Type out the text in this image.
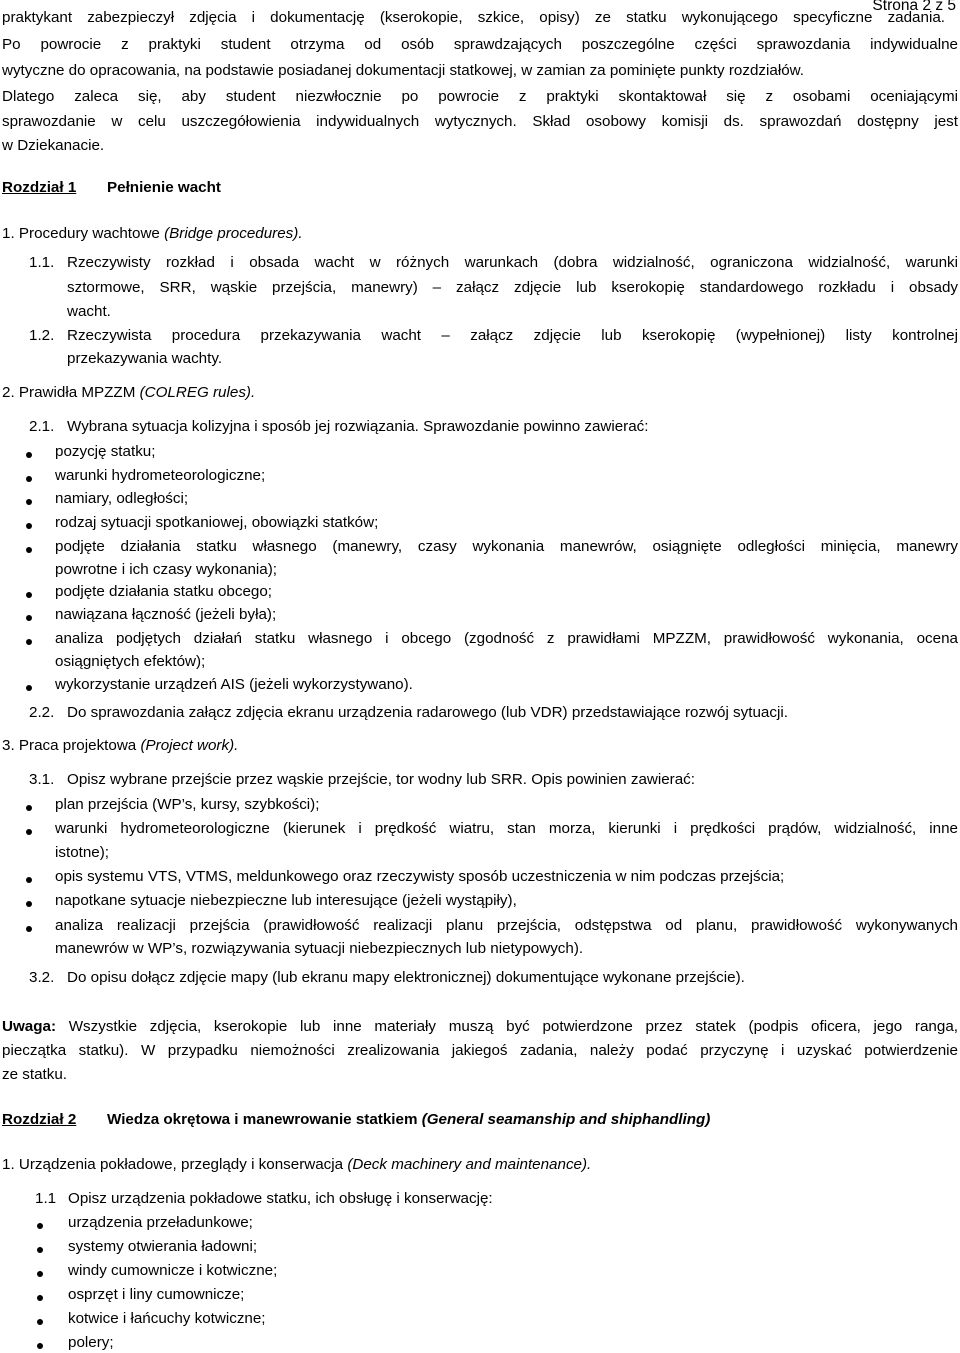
Strona 2 z 5
praktykant zabezpieczył zdjęcia i dokumentację (kserokopie, szkice, opisy) ze statku wykonującego specyficzne zadania.
Po powrocie z praktyki student otrzyma od osób sprawdzających poszczególne części sprawozdania indywidualne
wytyczne do opracowania, na podstawie posiadanej dokumentacji statkowej, w zamian za pominięte punkty rozdziałów.
Dlatego zaleca się, aby student niezwłocznie po powrocie z praktyki skontaktował się z osobami oceniającymi
sprawozdanie w celu uszczegółowienia indywidualnych wytycznych. Skład osobowy komisji ds. sprawozdań dostępny jest
w Dziekanacie.
Rozdział 1 Pełnienie wacht
1. Procedury wachtowe (Bridge procedures).
1.1. Rzeczywisty rozkład i obsada wacht w różnych warunkach (dobra widzialność, ograniczona widzialność, warunki
sztormowe, SRR, wąskie przejścia, manewry) – załącz zdjęcie lub kserokopię standardowego rozkładu i obsady
wacht.
1.2. Rzeczywista procedura przekazywania wacht – załącz zdjęcie lub kserokopię (wypełnionej) listy kontrolnej
przekazywania wachty.
2. Prawidła MPZZM (COLREG rules).
2.1. Wybrana sytuacja kolizyjna i sposób jej rozwiązania. Sprawozdanie powinno zawierać:
pozycję statku;
warunki hydrometeorologiczne;
namiary, odległości;
rodzaj sytuacji spotkaniowej, obowiązki statków;
podjęte działania statku własnego (manewry, czasy wykonania manewrów, osiągnięte odległości minięcia, manewry
powrotne i ich czasy wykonania);
podjęte działania statku obcego;
nawiązana łączność (jeżeli była);
analiza podjętych działań statku własnego i obcego (zgodność z prawidłami MPZZM, prawidłowość wykonania, ocena
osiągniętych efektów);
wykorzystanie urządzeń AIS (jeżeli wykorzystywano).
2.2. Do sprawozdania załącz zdjęcia ekranu urządzenia radarowego (lub VDR) przedstawiające rozwój sytuacji.
3. Praca projektowa (Project work).
3.1. Opisz wybrane przejście przez wąskie przejście, tor wodny lub SRR. Opis powinien zawierać:
plan przejścia (WP’s, kursy, szybkości);
warunki hydrometeorologiczne (kierunek i prędkość wiatru, stan morza, kierunki i prędkości prądów, widzialność, inne
istotne);
opis systemu VTS, VTMS, meldunkowego oraz rzeczywisty sposób uczestniczenia w nim podczas przejścia;
napotkane sytuacje niebezpieczne lub interesujące (jeżeli wystąpiły),
analiza realizacji przejścia (prawidłowość realizacji planu przejścia, odstępstwa od planu, prawidłowość wykonywanych
manewrów w WP’s, rozwiązywania sytuacji niebezpiecznych lub nietypowych).
3.2. Do opisu dołącz zdjęcie mapy (lub ekranu mapy elektronicznej) dokumentujące wykonane przejście).
Uwaga: Wszystkie zdjęcia, kserokopie lub inne materiały muszą być potwierdzone przez statek (podpis oficera, jego ranga,
pieczątka statku). W przypadku niemożności zrealizowania jakiegoś zadania, należy podać przyczynę i uzyskać potwierdzenie
ze statku.
Rozdział 2 Wiedza okrętowa i manewrowanie statkiem (General seamanship and shiphandling)
1. Urządzenia pokładowe, przeglądy i konserwacja (Deck machinery and maintenance).
1.1 Opisz urządzenia pokładowe statku, ich obsługę i konserwację:
urządzenia przeładunkowe;
systemy otwierania ładowni;
windy cumownicze i kotwiczne;
osprzęt i liny cumownicze;
kotwice i łańcuchy kotwiczne;
polery;
